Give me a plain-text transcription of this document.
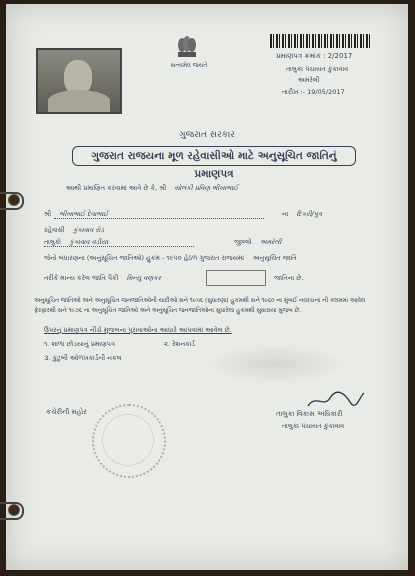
સત્યમેવ જયતે
પ્રમાણપત્ર ક્રમાંક : 2/2017
તાલુકા પંચાયત કુંકાવાવ
અમરેલી
તારીખ :- 19/05/2017
ગુજરાત સરકાર
ગુજરાત રાજયના મૂળ રહેવાસીઓ માટે અનુસૂચિત જાતિનું પ્રમાણપત્ર
આથી પ્રમાણિત કરવામાં આવે છે કે, શ્રી સોલંકી પ્રવિણ ભીખાભાઈ
શ્રી ભીખાભાઈ દેવાભાઈ	ના દિકરી/પુત્ર
રહેવાસી કુંકાવાવ રોડ
તાલુકો કુંકાવાવ વડીયા	જીલ્લો અમરેલી
જેનો બંધારણના (અનુસૂચિત જાતિઓ) હુકમ - ૧૯૫૦ હેઠળ ગુજરાત રાજયમાં અનુસૂચિત જાતિ
તરીકે માન્ય કરેલ જાતિ પૈકી મિન્યુ વણકર	જાતિના છે.
અનુસૂચિત જાતિઓ અને અનુસૂચિત જનજાતિઓની યાદીઓ સને ૧૯૫૬ (સુધારણા) હુકમથી સને ૧૯૬૦ ના મુંબઈ નવરચના ની કલમમાં આવેલ ફેરફારથી સને ૧૯૭૬ ના અનુસૂચિત જાતિઓ અને અનુસૂચિત જનજાતિઓના સુધારેલા હુકમથી સુધારાયા મુજબ છે.
ઉપરનું પ્રમાણપત્ર નીચે મુજબના પુરાવાઓના આધારે આપવામાં આવેલ છે.
૧. શાળા છોડયાનું પ્રમાણપત્ર	૨. રેશનકાર્ડ
૩. કુટુંબી ઓળખકાર્ડની નકલ
કચેરીની મહોર	તાલુકા વિકાસ અધિકારી
તાલુકા પંચાયત કુંકાવાવ
